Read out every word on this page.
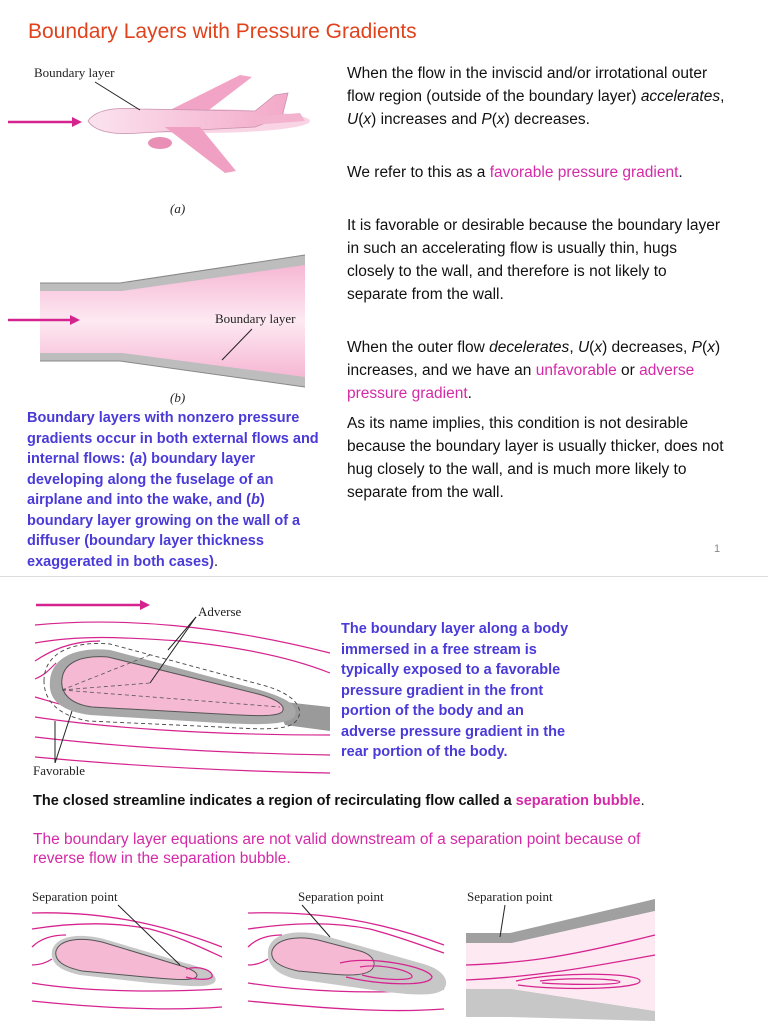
Boundary Layers with Pressure Gradients
Boundary layer
(a)
Boundary layer
(b)
Boundary layers with nonzero pressure gradients occur in both external flows and internal flows: (a) boundary layer developing along the fuselage of an airplane and into the wake, and (b) boundary layer growing on the wall of a diffuser (boundary layer thickness exaggerated in both cases).

When the flow in the inviscid and/or irrotational outer flow region (outside of the boundary layer) accelerates, U(x) increases and P(x) decreases.

We refer to this as a favorable pressure gradient.

It is favorable or desirable because the boundary layer in such an accelerating flow is usually thin, hugs closely to the wall, and therefore is not likely to separate from the wall.

When the outer flow decelerates, U(x) decreases, P(x) increases, and we have an unfavorable or adverse pressure gradient.

As its name implies, this condition is not desirable because the boundary layer is usually thicker, does not hug closely to the wall, and is much more likely to separate from the wall.

1
Adverse
Favorable
The boundary layer along a body immersed in a free stream is typically exposed to a favorable pressure gradient in the front portion of the body and an adverse pressure gradient in the rear portion of the body.
The closed streamline indicates a region of recirculating flow called a separation bubble.
The boundary layer equations are not valid downstream of a separation point because of reverse flow in the separation bubble.
Separation point	Separation point	Separation point
